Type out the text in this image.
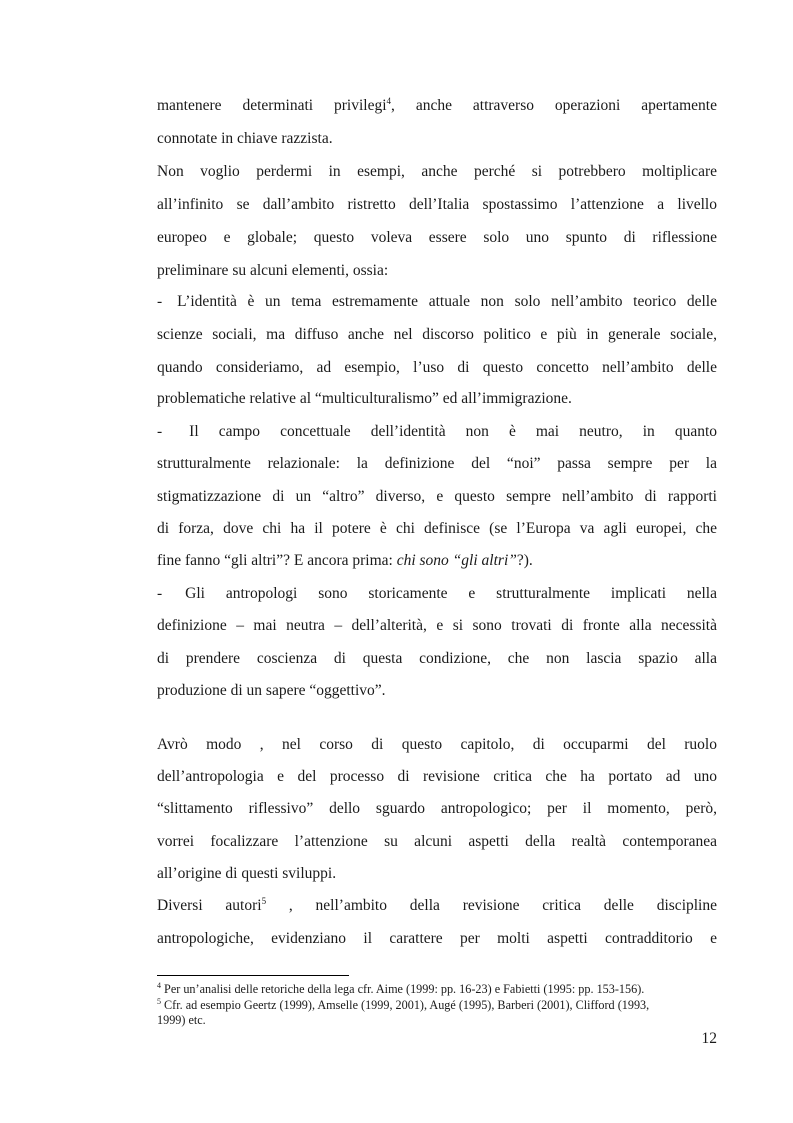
mantenere determinati privilegi$^4$, anche attraverso operazioni apertamente
connotate in chiave razzista.
Non voglio perdermi in esempi, anche perché si potrebbero moltiplicare
all’infinito se dall’ambito ristretto dell’Italia spostassimo l’attenzione a livello
europeo e globale; questo voleva essere solo uno spunto di riflessione
preliminare su alcuni elementi, ossia:
- L’identità è un tema estremamente attuale non solo nell’ambito teorico delle
scienze sociali, ma diffuso anche nel discorso politico e più in generale sociale,
quando consideriamo, ad esempio, l’uso di questo concetto nell’ambito delle
problematiche relative al “multiculturalismo” ed all’immigrazione.
- Il campo concettuale dell’identità non è mai neutro, in quanto
strutturalmente relazionale: la definizione del “noi” passa sempre per la
stigmatizzazione di un “altro” diverso, e questo sempre nell’ambito di rapporti
di forza, dove chi ha il potere è chi definisce (se l’Europa va agli europei, che
fine fanno “gli altri”? E ancora prima: chi sono “gli altri”?).
- Gli antropologi sono storicamente e strutturalmente implicati nella
definizione – mai neutra – dell’alterità, e si sono trovati di fronte alla necessità
di prendere coscienza di questa condizione, che non lascia spazio alla
produzione di un sapere “oggettivo”.
Avrò modo , nel corso di questo capitolo, di occuparmi del ruolo
dell’antropologia e del processo di revisione critica che ha portato ad uno
“slittamento riflessivo” dello sguardo antropologico; per il momento, però,
vorrei focalizzare l’attenzione su alcuni aspetti della realtà contemporanea
all’origine di questi sviluppi.
Diversi autori$^5$ , nell’ambito della revisione critica delle discipline
antropologiche, evidenziano il carattere per molti aspetti contradditorio e
$^4$ Per un’analisi delle retoriche della lega cfr. Aime (1999: pp. 16-23) e Fabietti (1995: pp. 153-156).
$^5$ Cfr. ad esempio Geertz (1999), Amselle (1999, 2001), Augé (1995), Barberi (2001), Clifford (1993,
1999) etc.
12
